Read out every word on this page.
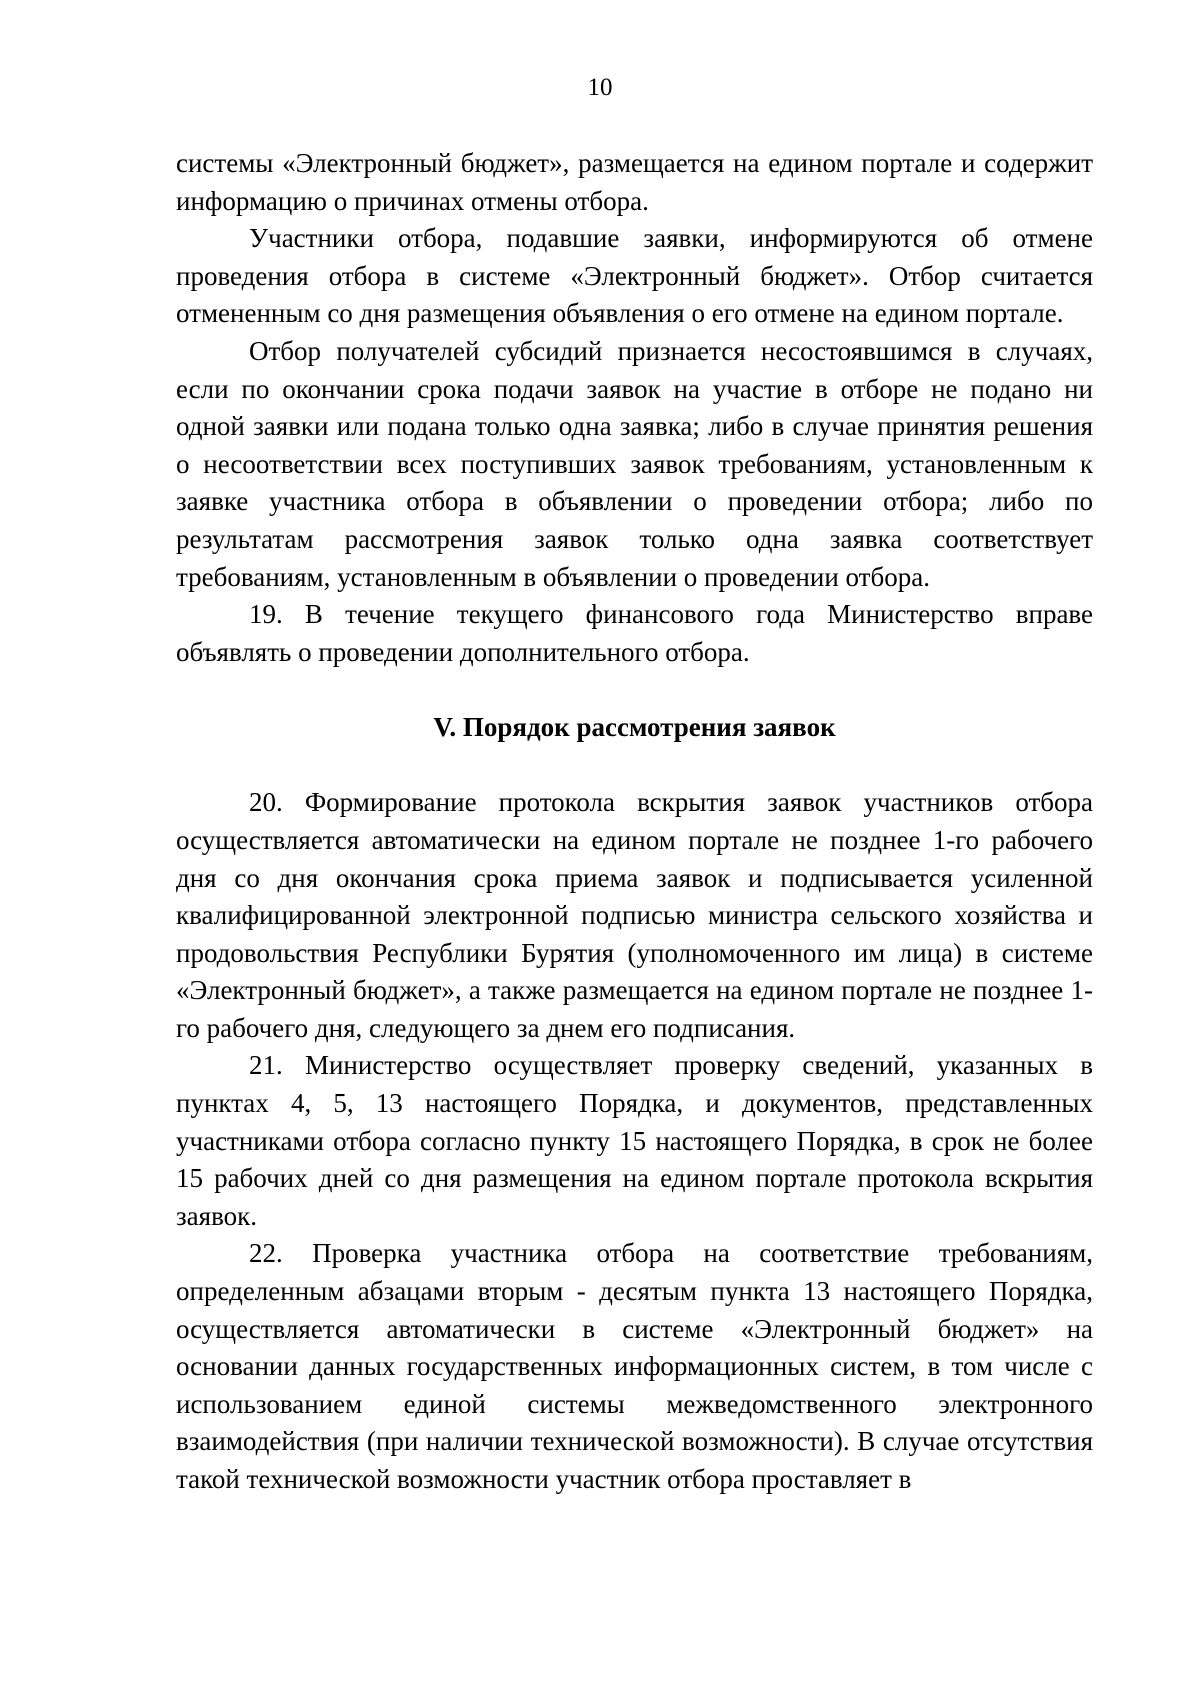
10

системы «Электронный бюджет», размещается на едином портале и содержит информацию о причинах отмены отбора.

Участники отбора, подавшие заявки, информируются об отмене проведения отбора в системе «Электронный бюджет». Отбор считается отмененным со дня размещения объявления о его отмене на едином портале.

Отбор получателей субсидий признается несостоявшимся в случаях, если по окончании срока подачи заявок на участие в отборе не подано ни одной заявки или подана только одна заявка; либо в случае принятия решения о несоответствии всех поступивших заявок требованиям, установленным к заявке участника отбора в объявлении о проведении отбора; либо по результатам рассмотрения заявок только одна заявка соответствует требованиям, установленным в объявлении о проведении отбора.

19. В течение текущего финансового года Министерство вправе объявлять о проведении дополнительного отбора.

V. Порядок рассмотрения заявок

20. Формирование протокола вскрытия заявок участников отбора осуществляется автоматически на едином портале не позднее 1-го рабочего дня со дня окончания срока приема заявок и подписывается усиленной квалифицированной электронной подписью министра сельского хозяйства и продовольствия Республики Бурятия (уполномоченного им лица) в системе «Электронный бюджет», а также размещается на едином портале не позднее 1-го рабочего дня, следующего за днем его подписания.

21. Министерство осуществляет проверку сведений, указанных в пунктах 4, 5, 13 настоящего Порядка, и документов, представленных участниками отбора согласно пункту 15 настоящего Порядка, в срок не более 15 рабочих дней со дня размещения на едином портале протокола вскрытия заявок.

22. Проверка участника отбора на соответствие требованиям, определенным абзацами вторым - десятым пункта 13 настоящего Порядка, осуществляется автоматически в системе «Электронный бюджет» на основании данных государственных информационных систем, в том числе с использованием единой системы межведомственного электронного взаимодействия (при наличии технической возможности). В случае отсутствия такой технической возможности участник отбора проставляет в
